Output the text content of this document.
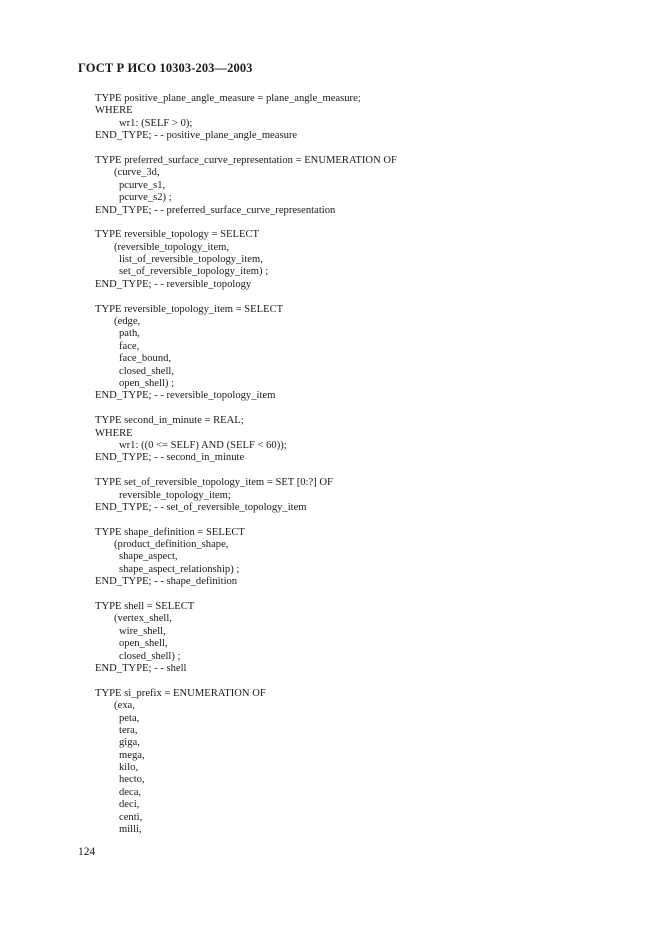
ГОСТ Р ИСО 10303-203—2003
TYPE positive_plane_angle_measure = plane_angle_measure;
WHERE
wr1: (SELF > 0);
END_TYPE; - - positive_plane_angle_measure
TYPE preferred_surface_curve_representation = ENUMERATION OF
(curve_3d,
pcurve_s1,
pcurve_s2) ;
END_TYPE; - - preferred_surface_curve_representation
TYPE reversible_topology = SELECT
(reversible_topology_item,
list_of_reversible_topology_item,
set_of_reversible_topology_item) ;
END_TYPE; - - reversible_topology
TYPE reversible_topology_item = SELECT
(edge,
path,
face,
face_bound,
closed_shell,
open_shell) ;
END_TYPE; - - reversible_topology_item
TYPE second_in_minute = REAL;
WHERE
wr1: ((0 <= SELF) AND (SELF < 60));
END_TYPE; - - second_in_minute
TYPE set_of_reversible_topology_item = SET [0:?] OF
reversible_topology_item;
END_TYPE; - - set_of_reversible_topology_item
TYPE shape_definition = SELECT
(product_definition_shape,
shape_aspect,
shape_aspect_relationship) ;
END_TYPE; - - shape_definition
TYPE shell = SELECT
(vertex_shell,
wire_shell,
open_shell,
closed_shell) ;
END_TYPE; - - shell
TYPE si_prefix = ENUMERATION OF
(exa,
peta,
tera,
giga,
mega,
kilo,
hecto,
deca,
deci,
centi,
milli,
124
